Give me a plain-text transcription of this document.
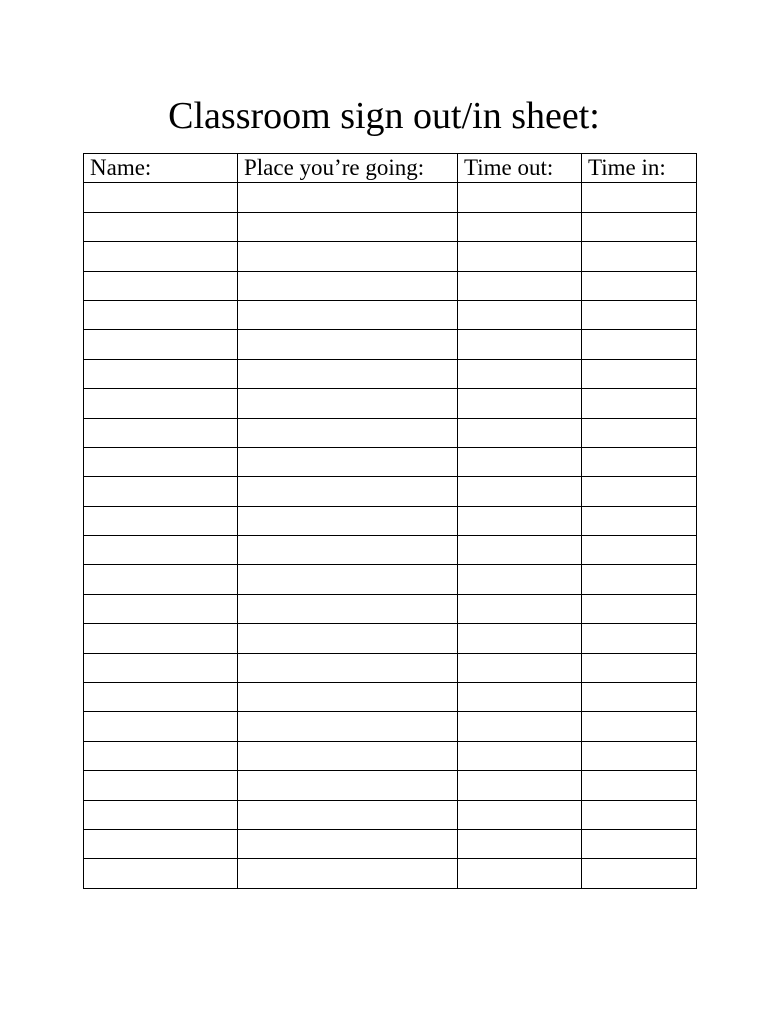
Classroom sign out/in sheet:
Name:	Place you’re going:	Time out:	Time in:
